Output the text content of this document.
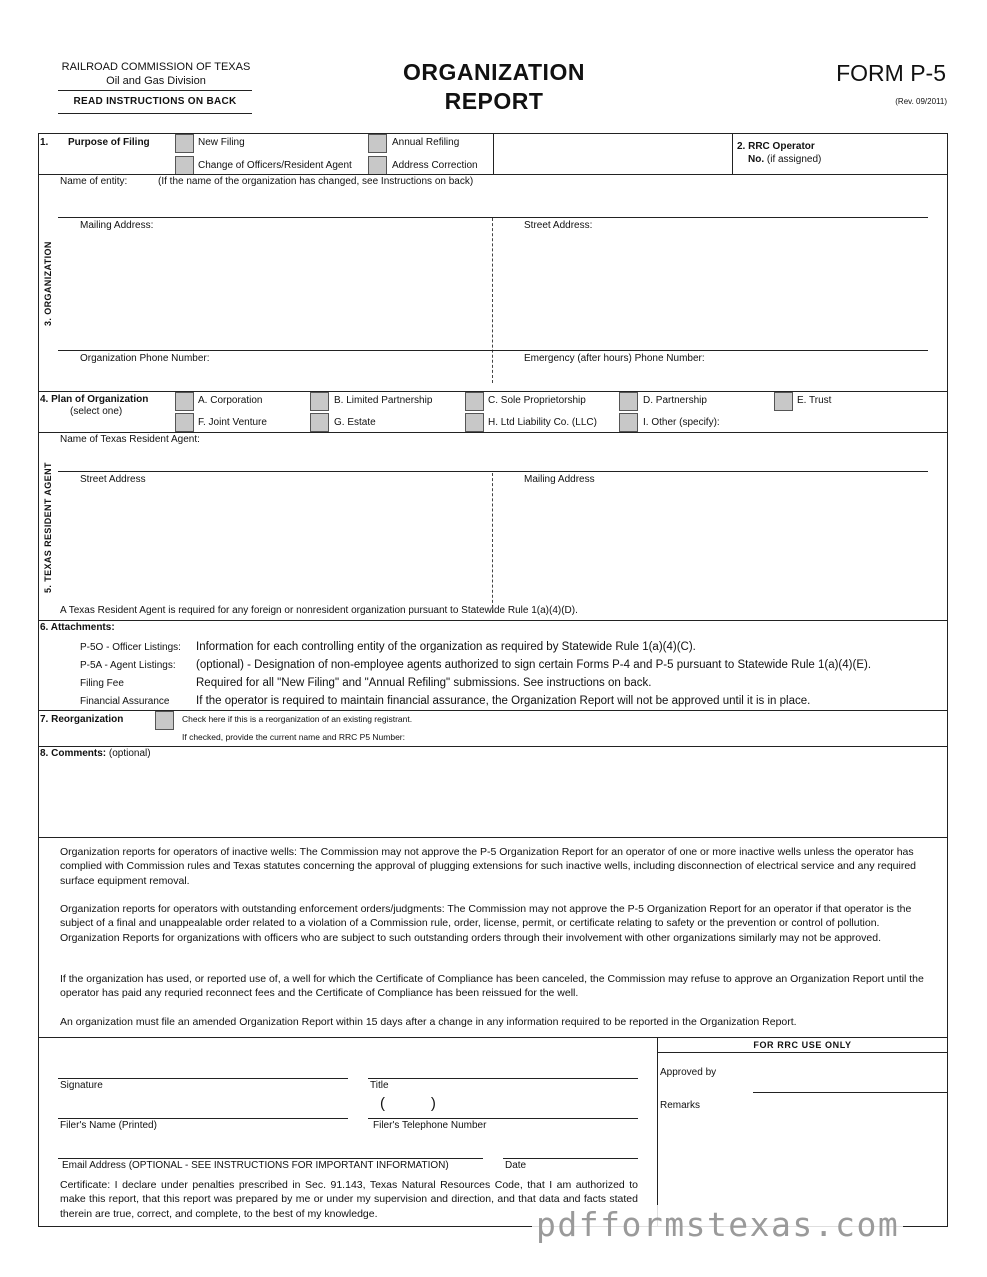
RAILROAD COMMISSION OF TEXAS
Oil and Gas Division
READ INSTRUCTIONS ON BACK
ORGANIZATION
REPORT
FORM P-5
(Rev. 09/2011)
1. Purpose of Filing	New Filing	Annual Refiling
Change of Officers/Resident Agent	Address Correction
2. RRC Operator
No. (if assigned)
3. ORGANIZATION
Name of entity:	(If the name of the organization has changed, see Instructions on back)
Mailing Address:	Street Address:
Organization Phone Number:	Emergency (after hours) Phone Number:
4. Plan of Organization
(select one)
A. Corporation	B. Limited Partnership	C. Sole Proprietorship	D. Partnership	E. Trust
F. Joint Venture	G. Estate	H. Ltd Liability Co. (LLC)	I. Other (specify):
5. TEXAS RESIDENT AGENT
Name of Texas Resident Agent:
Street Address	Mailing Address
A Texas Resident Agent is required for any foreign or nonresident organization pursuant to Statewide Rule 1(a)(4)(D).
6. Attachments:
P-5O - Officer Listings: Information for each controlling entity of the organization as required by Statewide Rule 1(a)(4)(C).
P-5A - Agent Listings: (optional) - Designation of non-employee agents authorized to sign certain Forms P-4 and P-5 pursuant to Statewide Rule 1(a)(4)(E).
Filing Fee	Required for all "New Filing" and "Annual Refiling" submissions. See instructions on back.
Financial Assurance If the operator is required to maintain financial assurance, the Organization Report will not be approved until it is in place.
7. Reorganization	Check here if this is a reorganization of an existing registrant.
If checked, provide the current name and RRC P5 Number:
8. Comments: (optional)
Organization reports for operators of inactive wells: The Commission may not approve the P-5 Organization Report for an operator of one or more inactive wells unless the operator has complied with Commission rules and Texas statutes concerning the approval of plugging extensions for such inactive wells, including disconnection of electrical service and any required surface equipment removal.
Organization reports for operators with outstanding enforcement orders/judgments: The Commission may not approve the P-5 Organization Report for an operator if that operator is the subject of a final and unappealable order related to a violation of a Commission rule, order, license, permit, or certificate relating to safety or the prevention or control of pollution. Organization Reports for organizations with officers who are subject to such outstanding orders through their involvement with other organizations similarly may not be approved.
If the organization has used, or reported use of, a well for which the Certificate of Compliance has been canceled, the Commission may refuse to approve an Organization Report until the operator has paid any requried reconnect fees and the Certificate of Compliance has been reissued for the well.
An organization must file an amended Organization Report within 15 days after a change in any information required to be reported in the Organization Report.
Signature	Title
(           )
Filer's Name (Printed)	Filer's Telephone Number
Email Address (OPTIONAL - SEE INSTRUCTIONS FOR IMPORTANT INFORMATION)	Date
Certificate: I declare under penalties prescribed in Sec. 91.143, Texas Natural Resources Code, that I am authorized to make this report, that this report was prepared by me or under my supervision and direction, and that data and facts stated therein are true, correct, and complete, to the best of my knowledge.
FOR RRC USE ONLY
Approved by
Remarks
pdfformstexas.com
